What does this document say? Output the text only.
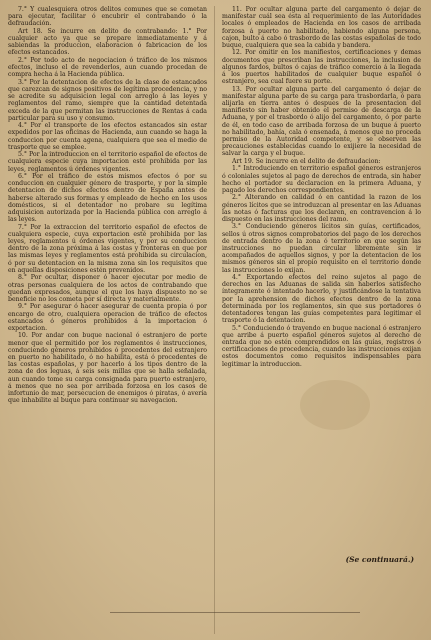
7.° Y cualesquiera otros delitos comunes que se cometan para ejecutar, facilitar ó encubrir el contrabando ó la defraudación.

Art 18. Se incurre en delito de contrabando: 1.° Por cualquier acto ya que se prepare inmediatamente y á sabiendas la produccion, elaboracion ó fabricacion de los efectos estancados.

2.° Por todo acto de negociacion ó tráfico de los mismos efectos, incluso el de revenderlos, aun cuando procedan de compra hecha á la Hacienda pública.

3.° Por la detentacion de efectos de la clase de estancados que carezcan de signos positivos de legítima procedencia, y no se acredite su adquisicion legal con arreglo á las leyes y reglamentos del ramo, siempre que la cantidad detentada exceda de la que permitan las instrucciones de Rentas á cada particular para su uso y consumo.

4.° Por el transporte de los efectos estancados sin estar expedidos por las oficinas de Hacienda, aun cuando se haga la conduccion por cuenta agena, cualquiera que sea el medio de trasporte que se emplee.

5.° Por la introduccion en el territorio español de efectos de cualquiera especie cuya importacion esté prohibida por las leyes, reglamentos ú órdenes vigentes.

6.° Por el tráfico de estos mismos efectos ó por su conduccion en cualquier género de trasporte, y por la simple detentacion de dichos efectos dentro de España antes de haberse alterado sus formas y empleado de hecho en los usos domésticos, si el detentador no probare su legítima adquisicion autorizada por la Hacienda pública con arreglo á las leyes.

7.° Por la extraccion del territorio español de efectos de cualquiera especie, cuya exportacion esté prohibida por las leyes, reglamentos ú órdenes vigentes, y por su conduccion dentro de la zona próxima á las costas y fronteras en que por las mismas leyes y reglamentos está prohibida su circulacion, ó por su detentacion en la misma zona sin los requisitos que en aquellas disposiciones estén prevenidos.

8.° Por ocultar, disponer ó hacer ejecutar por medio de otras personas cualquiera de los actos de contrabando que quedan expresados, aunque el que los haya dispuesto no se beneficie no los cometa por sí directa y materialmente.

9.° Por asegurar ó hacer asegurar de cuenta propia ó por encargo de otro, cualquiera operacion de tráfico de efectos estancados ó géneros prohibidos á la importacion ó exportacion.

10. Por andar con buque nacional ó estranjero de porte menor que el permitido por los reglamentos é instrucciones, conduciendo géneros prohibidos ó procedentes del estranjero en puerto no habilitado, ó no habilita, está ó procedentes de las costas españolas, y por hacerlo á los tipos dentro de la zona de dos leguas, á seis seis millas que se halla señalada, aun cuando tome su carga consignada para puerto estranjero, á menos que no sea por arribada forzosa en los casos de infortunio de mar, persecucion de enemigos ó piratas, ó avería que inhabilite al buque para continuar su navegacion.

11. Por ocultar alguna parte del cargamento ó dejar de manifestar cuál sea ésta al requerimiento de las Autoridades locales ó empleados de Hacienda en los casos de arribada forzosa á puerto no habilitado, habiendo alguna persona, cajon, bulto á cabo ó trasbordo de las costas españolas de todo buque, cualquiera que sea la cabida y bandera.

12. Por omitir en los manifiestos, certificaciones y demas documentos que prescriban las instrucciones, la inclusion de algunos fardos, bultos ó cajas de tráfico comercio á la llegada á los puertos habilitados de cualquier buque español ó estranjero, sea cual fuere su porte.

13. Por ocultar alguna parte del cargamento ó dejar de manifestar alguna parte de su carga para trasbordarla, ó para alijarla en tierra antes ó despues de la presentacion del manifiesto sin haber obtenido el permiso de descarga de la Aduana, y por el trasbordo ó alijo del cargamento, ó por parte de él, en todo caso de arribada forzosa de un buque á puerto no habilitado, bahía, cala ó ensenada, á menos que no proceda permiso de la Autoridad competente, y se observen las precauciones establecidas cuando lo exijiere la necesidad de salvar la carga y el buque.

Art 19. Se incurre en el delito de defraudacion:

1.° Introduciendo en territorio español géneros estranjeros ó coloniales sujetos al pago de derechos de entrada, sin haber hecho el portador su declaracion en la primera Aduana, y pagado los derechos correspondientes.

2.° Alterando en calidad ó en cantidad la razon de los géneros lícitos que se introduzcan al presentar en las Aduanas las notas ó facturas que los declaren, en contravencion á lo dispuesto en las instrucciones del ramo.

3.° Conduciendo géneros lícitos sin guías, certificados, sellos ú otros signos comprobatorios del pago de los derechos de entrada dentro de la zona ó territorio en que según las instrucciones no puedan circular libremente sin ir acompañados de aquellos signos, y por la detentacion de los mismos géneros sin el propio requisito en el territorio donde las instrucciones lo exijan.

4.° Exportando efectos del reino sujetos al pago de derechos en las Aduanas de salida sin haberlos satisfecho íntegramente ó intentado hacerlo, y justificándose la tentativa por la aprehension de dichos efectos dentro de la zona determinada por los reglamentos, sin que sus portadores ó detentadores tengan las guías competentes para legitimar el trasporte ó la detentacion.

5.° Conduciendo ó trayendo en buque nacional ó estranjero que arribe á puerto español géneros sujetos al derecho de entrada que no estén comprendidos en las guías, registros ó certificaciones de procedencia, cuando las instrucciones exijan estos documentos como requisitos indispensables para legitimar la introduccion.

(Se continuará.)
